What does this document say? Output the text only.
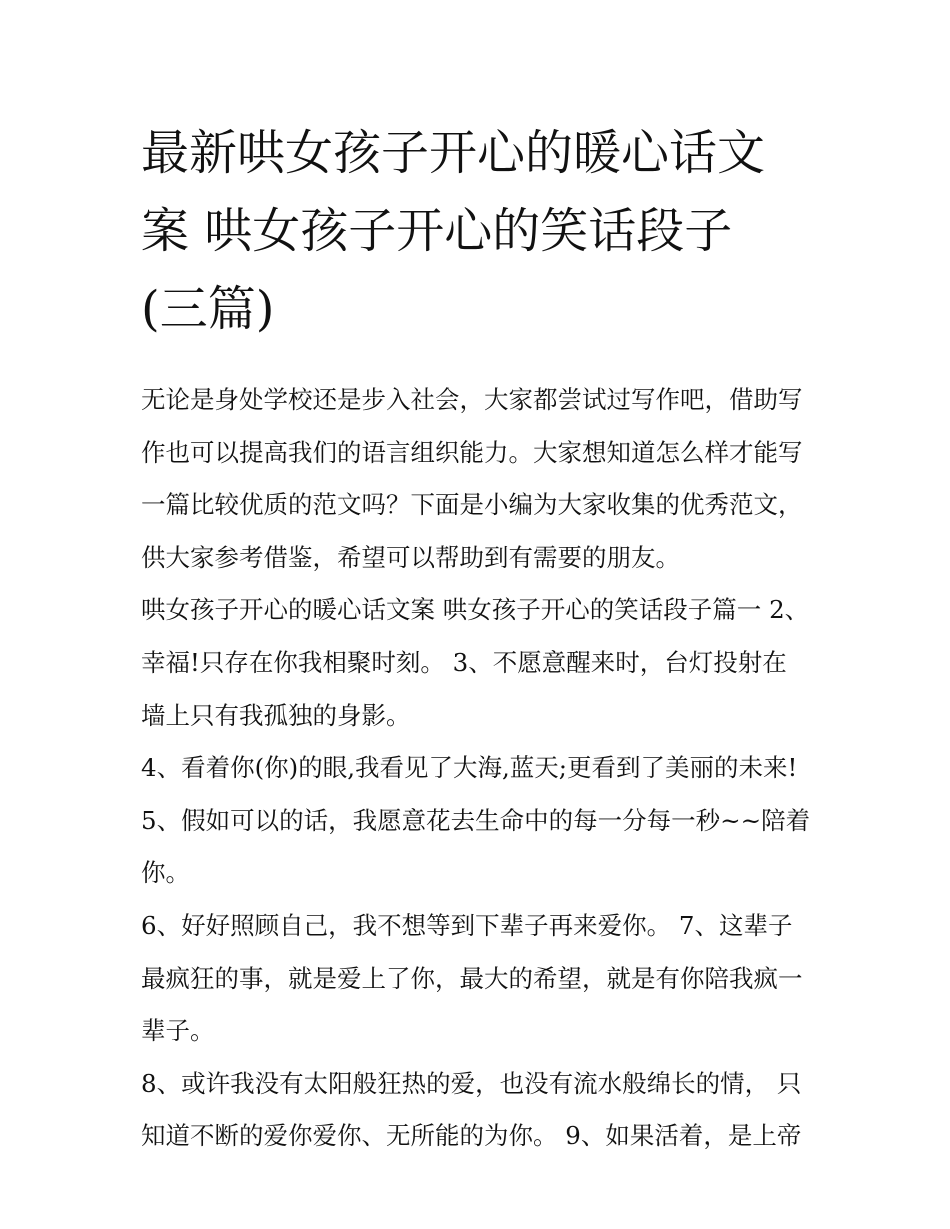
最新哄女孩子开心的暖心话文
案 哄女孩子开心的笑话段子
(三篇)
无论是身处学校还是步入社会，大家都尝试过写作吧，借助写
作也可以提高我们的语言组织能力。大家想知道怎么样才能写
一篇比较优质的范文吗？下面是小编为大家收集的优秀范文，
供大家参考借鉴，希望可以帮助到有需要的朋友。
哄女孩子开心的暖心话文案 哄女孩子开心的笑话段子篇一 2、
幸福!只存在你我相聚时刻。 3、不愿意醒来时，台灯投射在
墙上只有我孤独的身影。
4、看着你(你)的眼,我看见了大海,蓝天;更看到了美丽的未来!
5、假如可以的话，我愿意花去生命中的每一分每一秒~~陪着
你。
6、好好照顾自己，我不想等到下辈子再来爱你。 7、这辈子
最疯狂的事，就是爱上了你，最大的希望，就是有你陪我疯一
辈子。
8、或许我没有太阳般狂热的爱，也没有流水般绵长的情， 只
知道不断的爱你爱你、无所能的为你。 9、如果活着，是上帝
